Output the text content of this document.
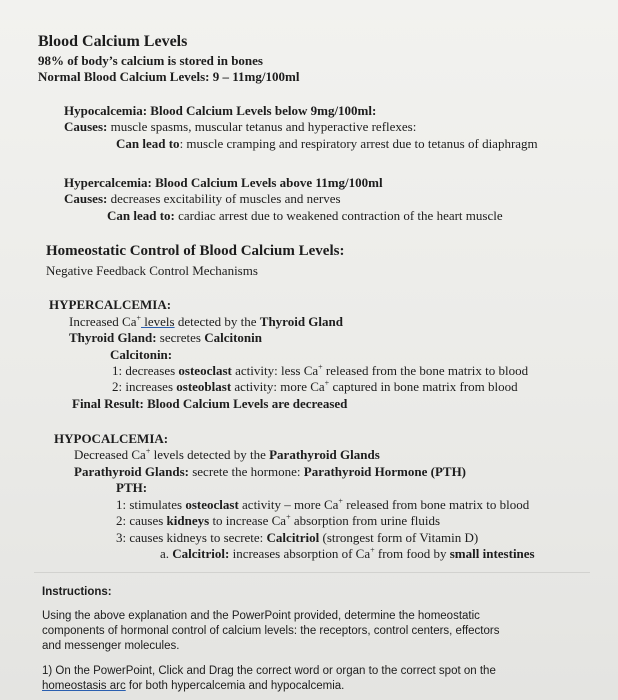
Blood Calcium Levels
98% of body’s calcium is stored in bones
Normal Blood Calcium Levels: 9 – 11mg/100ml
Hypocalcemia: Blood Calcium Levels below 9mg/100ml:
Causes: muscle spasms, muscular tetanus and hyperactive reflexes:
Can lead to: muscle cramping and respiratory arrest due to tetanus of diaphragm
Hypercalcemia: Blood Calcium Levels above 11mg/100ml
Causes: decreases excitability of muscles and nerves
Can lead to: cardiac arrest due to weakened contraction of the heart muscle
Homeostatic Control of Blood Calcium Levels:
Negative Feedback Control Mechanisms
HYPERCALCEMIA:
Increased Ca+ levels detected by the Thyroid Gland
Thyroid Gland: secretes Calcitonin
Calcitonin:
1: decreases osteoclast activity: less Ca+ released from the bone matrix to blood
2: increases osteoblast activity: more Ca+ captured in bone matrix from blood
Final Result: Blood Calcium Levels are decreased
HYPOCALCEMIA:
Decreased Ca+ levels detected by the Parathyroid Glands
Parathyroid Glands: secrete the hormone: Parathyroid Hormone (PTH)
PTH:
1: stimulates osteoclast activity – more Ca+ released from bone matrix to blood
2: causes kidneys to increase Ca+ absorption from urine fluids
3: causes kidneys to secrete: Calcitriol (strongest form of Vitamin D)
a. Calcitriol: increases absorption of Ca+ from food by small intestines
Instructions:
Using the above explanation and the PowerPoint provided, determine the homeostatic
components of hormonal control of calcium levels: the receptors, control centers, effectors
and messenger molecules.
1) On the PowerPoint, Click and Drag the correct word or organ to the correct spot on the
homeostasis arc for both hypercalcemia and hypocalcemia.
